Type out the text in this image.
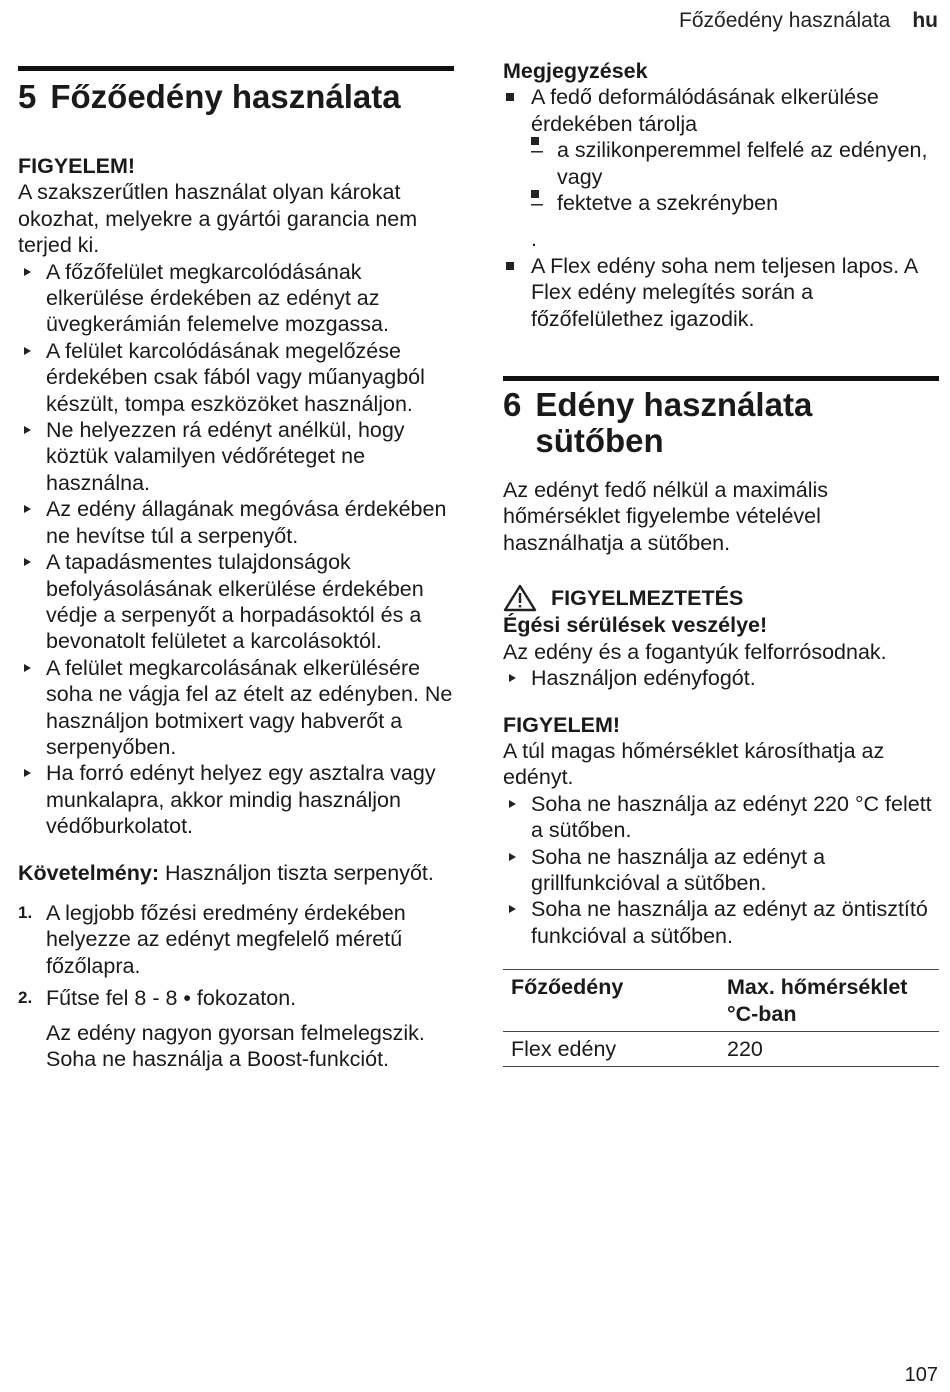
Főzőedény használata hu
5 Főzőedény használata
FIGYELEM!

A szakszerűtlen használat olyan károkat okozhat, melyekre a gyártói garancia nem terjed ki.

A főzőfelület megkarcolódásának elkerülése érdekében az edényt az üvegkerámián felemelve mozgassa.
A felület karcolódásának megelőzése érdekében csak fából vagy műanyagból készült, tompa eszközöket használjon.
Ne helyezzen rá edényt anélkül, hogy köztük valamilyen védőréteget ne használna.
Az edény állagának megóvása érdekében ne hevítse túl a serpenyőt.
A tapadásmentes tulajdonságok befolyásolásának elkerülése érdekében védje a serpenyőt a horpadásoktól és a bevonatolt felületet a karcolásoktól.
A felület megkarcolásának elkerülésére soha ne vágja fel az ételt az edényben. Ne használjon botmixert vagy habverőt a serpenyőben.
Ha forró edényt helyez egy asztalra vagy munkalapra, akkor mindig használjon védőburkolatot.

Követelmény: Használjon tiszta serpenyőt.

1. A legjobb főzési eredmény érdekében helyezze az edényt megfelelő méretű főzőlapra.
2. Fűtse fel 8 - 8 • fokozaton.

Az edény nagyon gyorsan felmelegszik. Soha ne használja a Boost-funkciót.

Megjegyzések
A fedő deformálódásának elkerülése érdekében tárolja
– a szilikonperemmel felfelé az edényen, vagy
– fektetve a szekrényben
.
A Flex edény soha nem teljesen lapos. A Flex edény melegítés során a főzőfelülethez igazodik.
6 Edény használata sütőben

Az edényt fedő nélkül a maximális hőmérséklet figyelembe vételével használhatja a sütőben.

FIGYELMEZTETÉS
Égési sérülések veszélye!

Az edény és a fogantyúk felforrósodnak.

Használjon edényfogót.
FIGYELEM!

A túl magas hőmérséklet károsíthatja az edényt.

Soha ne használja az edényt 220 °C felett a sütőben.
Soha ne használja az edényt a grillfunkcióval a sütőben.
Soha ne használja az edényt az öntisztító funkcióval a sütőben.
Főzőedény	Max. hőmérséklet °C-ban
Flex edény	220
107
